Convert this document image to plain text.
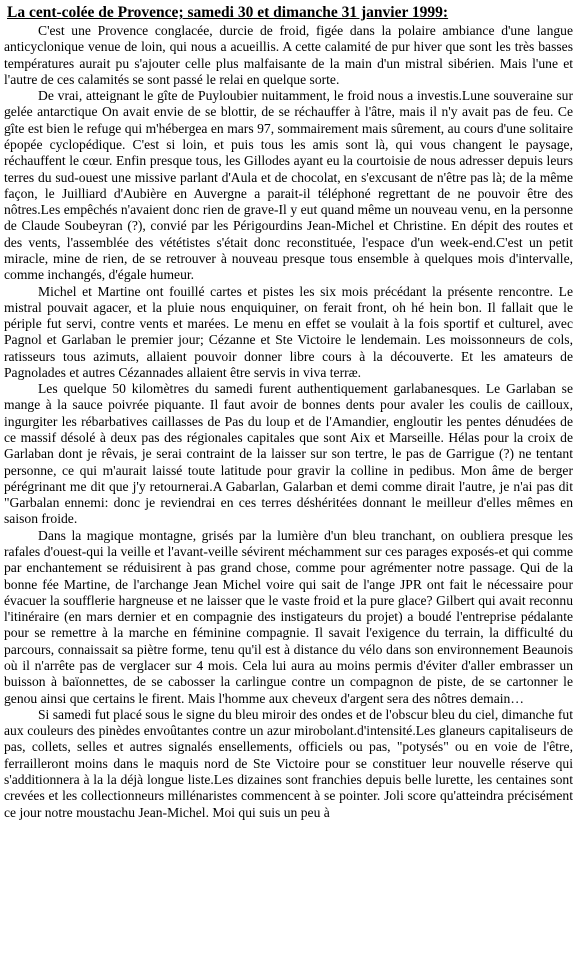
La cent-colée de Provence; samedi 30 et dimanche 31 janvier 1999:

C'est une Provence conglacée, durcie de froid, figée dans la polaire ambiance d'une langue anticyclonique venue de loin, qui nous a acueillis. A cette calamité de pur hiver que sont les très basses températures aurait pu s'ajouter celle plus malfaisante de la main d'un mistral sibérien. Mais l'une et l'autre de ces calamités se sont passé le relai en quelque sorte.

De vrai, atteignant le gîte de Puyloubier nuitamment, le froid nous a investis.Lune souveraine sur gelée antarctique On avait envie de se blottir, de se réchauffer à l'âtre, mais il n'y avait pas de feu. Ce gîte est bien le refuge qui m'hébergea en mars 97, sommairement mais sûrement, au cours d'une solitaire épopée cyclopédique. C'est si loin, et puis tous les amis sont là, qui vous changent le paysage, réchauffent le cœur. Enfin presque tous, les Gillodes ayant eu la courtoisie de nous adresser depuis leurs terres du sud-ouest une missive parlant d'Aula et de chocolat, en s'excusant de n'être pas là; de la même façon, le Juilliard d'Aubière en Auvergne a parait-il téléphoné regrettant de ne pouvoir être des nôtres.Les empêchés n'avaient donc rien de grave-Il y eut quand même un nouveau venu, en la personne de Claude Soubeyran (?), convié par les Périgourdins Jean-Michel et Christine. En dépit des routes et des vents, l'assemblée des vététistes s'était donc reconstituée, l'espace d'un week-end.C'est un petit miracle, mine de rien, de se retrouver à nouveau presque tous ensemble à quelques mois d'intervalle, comme inchangés, d'égale humeur.

Michel et Martine ont fouillé cartes et pistes les six mois précédant la présente rencontre. Le mistral pouvait agacer, et la pluie nous enquiquiner, on ferait front, oh hé hein bon. Il fallait que le périple fut servi, contre vents et marées. Le menu en effet se voulait à la fois sportif et culturel, avec Pagnol et Garlaban le premier jour; Cézanne et Ste Victoire le lendemain. Les moissonneurs de cols, ratisseurs tous azimuts, allaient pouvoir donner libre cours à la découverte. Et les amateurs de Pagnolades et autres Cézannades allaient être servis in viva terræ.

Les quelque 50 kilomètres du samedi furent authentiquement garlabanesques. Le Garlaban se mange à la sauce poivrée piquante. Il faut avoir de bonnes dents pour avaler les coulis de cailloux, ingurgiter les rébarbatives caillasses de Pas du loup et de l'Amandier, engloutir les pentes dénudées de ce massif désolé à deux pas des régionales capitales que sont Aix et Marseille. Hélas pour la croix de Garlaban dont je rêvais, je serai contraint de la laisser sur son tertre, le pas de Garrigue (?) ne tentant personne, ce qui m'aurait laissé toute latitude pour gravir la colline in pedibus. Mon âme de berger pérégrinant me dit que j'y retournerai.A Gabarlan, Galarban et demi comme dirait l'autre, je n'ai pas dit "Garbalan ennemi: donc je reviendrai en ces terres déshéritées donnant le meilleur d'elles mêmes en saison froide.

Dans la magique montagne, grisés par la lumière d'un bleu tranchant, on oubliera presque les rafales d'ouest-qui la veille et l'avant-veille sévirent méchamment sur ces parages exposés-et qui comme par enchantement se réduisirent à pas grand chose, comme pour agrémenter notre passage. Qui de la bonne fée Martine, de l'archange Jean Michel voire qui sait de l'ange JPR ont fait le nécessaire pour évacuer la soufflerie hargneuse et ne laisser que le vaste froid et la pure glace? Gilbert qui avait reconnu l'itinéraire (en mars dernier et en compagnie des instigateurs du projet) a boudé l'entreprise pédalante pour se remettre à la marche en féminine compagnie. Il savait l'exigence du terrain, la difficulté du parcours, connaissait sa piètre forme, tenu qu'il est à distance du vélo dans son environnement Beaunois où il n'arrête pas de verglacer sur 4 mois. Cela lui aura au moins permis d'éviter d'aller embrasser un buisson à baïonnettes, de se cabosser la carlingue contre un compagnon de piste, de se cartonner le genou ainsi que certains le firent. Mais l'homme aux cheveux d'argent sera des nôtres demain…

Si samedi fut placé sous le signe du bleu miroir des ondes et de l'obscur bleu du ciel, dimanche fut aux couleurs des pinèdes envoûtantes contre un azur mirobolant.d'intensité.Les glaneurs capitaliseurs de pas, collets, selles et autres signalés ensellements, officiels ou pas, "potysés" ou en voie de l'être, ferrailleront moins dans le maquis nord de Ste Victoire pour se constituer leur nouvelle réserve qui s'additionnera à la la déjà longue liste.Les dizaines sont franchies depuis belle lurette, les centaines sont crevées et les collectionneurs millénaristes commencent à se pointer. Joli score qu'atteindra précisément ce jour notre moustachu Jean-Michel. Moi qui suis un peu à
